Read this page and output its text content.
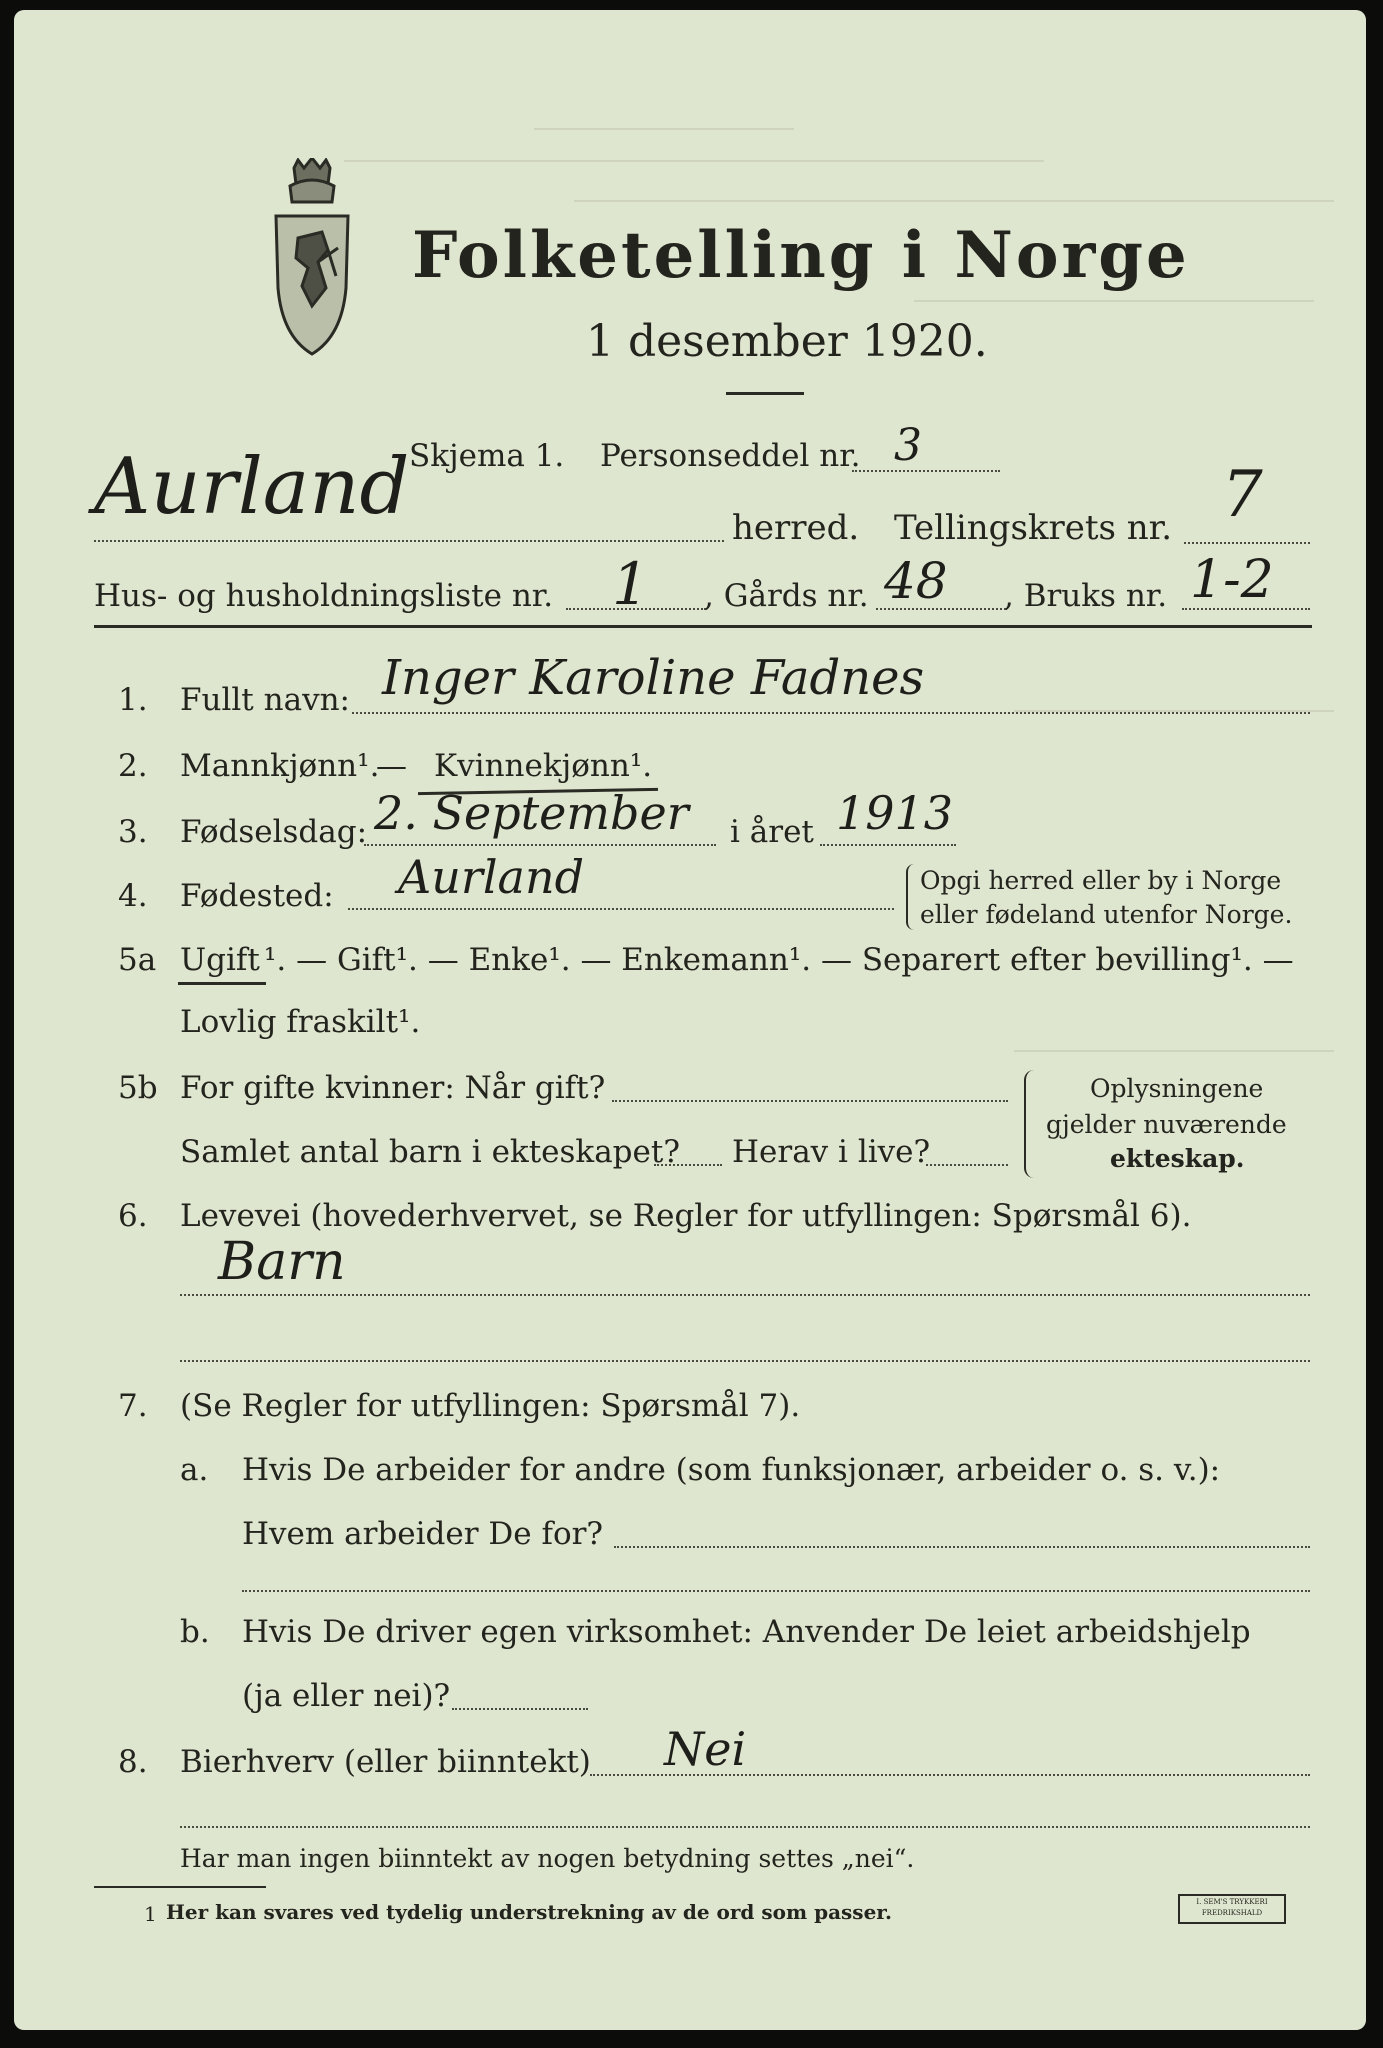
Folketelling i Norge
1 desember 1920.
Skjema 1. Personseddel nr. 3
Aurland	herred. Tellingskrets nr. 7
Hus- og husholdningsliste nr. 1 , Gårds nr. 48 , Bruks nr. 1-2
1. Fullt navn: Inger Karoline Fadnes
2. Mannkjønn¹.
— Kvinnekjønn¹.
3. Fødselsdag: 2. September i året 1913
4. Fødested: Aurland	Opgi herred eller by i Norge
eller fødeland utenfor Norge.
5a Ugift ¹. — Gift¹. — Enke¹. — Enkemann¹. — Separert efter bevilling¹. —
Lovlig fraskilt¹.
5b For gifte kvinner: Når gift?
Samlet antal barn i ekteskapet? Herav i live?
Oplysningene
gjelder nuværende
ekteskap.
6. Levevei (hovederhvervet, se Regler for utfyllingen: Spørsmål 6).
Barn
7. (Se Regler for utfyllingen: Spørsmål 7).
a. Hvis De arbeider for andre (som funksjonær, arbeider o. s. v.):
Hvem arbeider De for?
b. Hvis De driver egen virksomhet: Anvender De leiet arbeidshjelp
(ja eller nei)?
8. Bierhverv (eller biinntekt) Nei
Har man ingen biinntekt av nogen betydning settes „nei“.
1 Her kan svares ved tydelig understrekning av de ord som passer.	I. SEM'S TRYKKERI
FREDRIKSHALD
